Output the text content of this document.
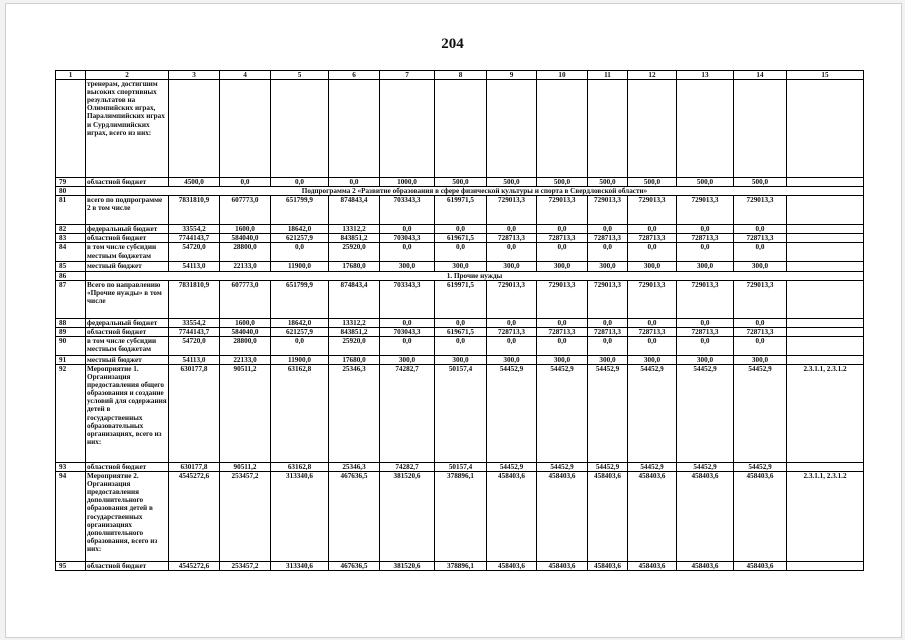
204
1	2	3	4	5	6	7	8	9	10	11	12	13	14	15
	тренерам, достигшим высоких спортивных результатов на Олимпийских играх, Паралимпийских играх и Сурдлимпийских играх, всего из них:													
79	областной бюджет	4500,0	0,0	0,0	0,0	1000,0	500,0	500,0	500,0	500,0	500,0	500,0	500,0	
80	Подпрограмма 2 «Развитие образования в сфере физической культуры и спорта в Свердловской области»													
81	всего по подпрограмме 2 в том числе	7831810,9	607773,0	651799,9	874843,4	703343,3	619971,5	729013,3	729013,3	729013,3	729013,3	729013,3	729013,3	
82	федеральный бюджет	33554,2	1600,0	18642,0	13312,2	0,0	0,0	0,0	0,0	0,0	0,0	0,0	0,0	
83	областной бюджет	7744143,7	584040,0	621257,9	843851,2	703043,3	619671,5	728713,3	728713,3	728713,3	728713,3	728713,3	728713,3	
84	в том числе субсидии местным бюджетам	54720,0	28800,0	0,0	25920,0	0,0	0,0	0,0	0,0	0,0	0,0	0,0	0,0	
85	местный бюджет	54113,0	22133,0	11900,0	17680,0	300,0	300,0	300,0	300,0	300,0	300,0	300,0	300,0	
86	1. Прочие нужды													
87	Всего по направлению «Прочие нужды» в том числе	7831810,9	607773,0	651799,9	874843,4	703343,3	619971,5	729013,3	729013,3	729013,3	729013,3	729013,3	729013,3	
88	федеральный бюджет	33554,2	1600,0	18642,0	13312,2	0,0	0,0	0,0	0,0	0,0	0,0	0,0	0,0	
89	областной бюджет	7744143,7	584040,0	621257,9	843851,2	703043,3	619671,5	728713,3	728713,3	728713,3	728713,3	728713,3	728713,3	
90	в том числе субсидии местным бюджетам	54720,0	28800,0	0,0	25920,0	0,0	0,0	0,0	0,0	0,0	0,0	0,0	0,0	
91	местный бюджет	54113,0	22133,0	11900,0	17680,0	300,0	300,0	300,0	300,0	300,0	300,0	300,0	300,0	
92	Мероприятие 1. Организация предоставления общего образования и создание условий для содержания детей в государственных образовательных организациях, всего из них:	630177,8	90511,2	63162,8	25346,3	74282,7	50157,4	54452,9	54452,9	54452,9	54452,9	54452,9	54452,9	2.3.1.1, 2.3.1.2
93	областной бюджет	630177,8	90511,2	63162,8	25346,3	74282,7	50157,4	54452,9	54452,9	54452,9	54452,9	54452,9	54452,9	
94	Мероприятие 2. Организация предоставления дополнительного образования детей в государственных организациях дополнительного образования, всего из них:	4545272,6	253457,2	313340,6	467636,5	381520,6	378896,1	458403,6	458403,6	458403,6	458403,6	458403,6	458403,6	2.3.1.1, 2.3.1.2
95	областной бюджет	4545272,6	253457,2	313340,6	467636,5	381520,6	378896,1	458403,6	458403,6	458403,6	458403,6	458403,6	458403,6	
